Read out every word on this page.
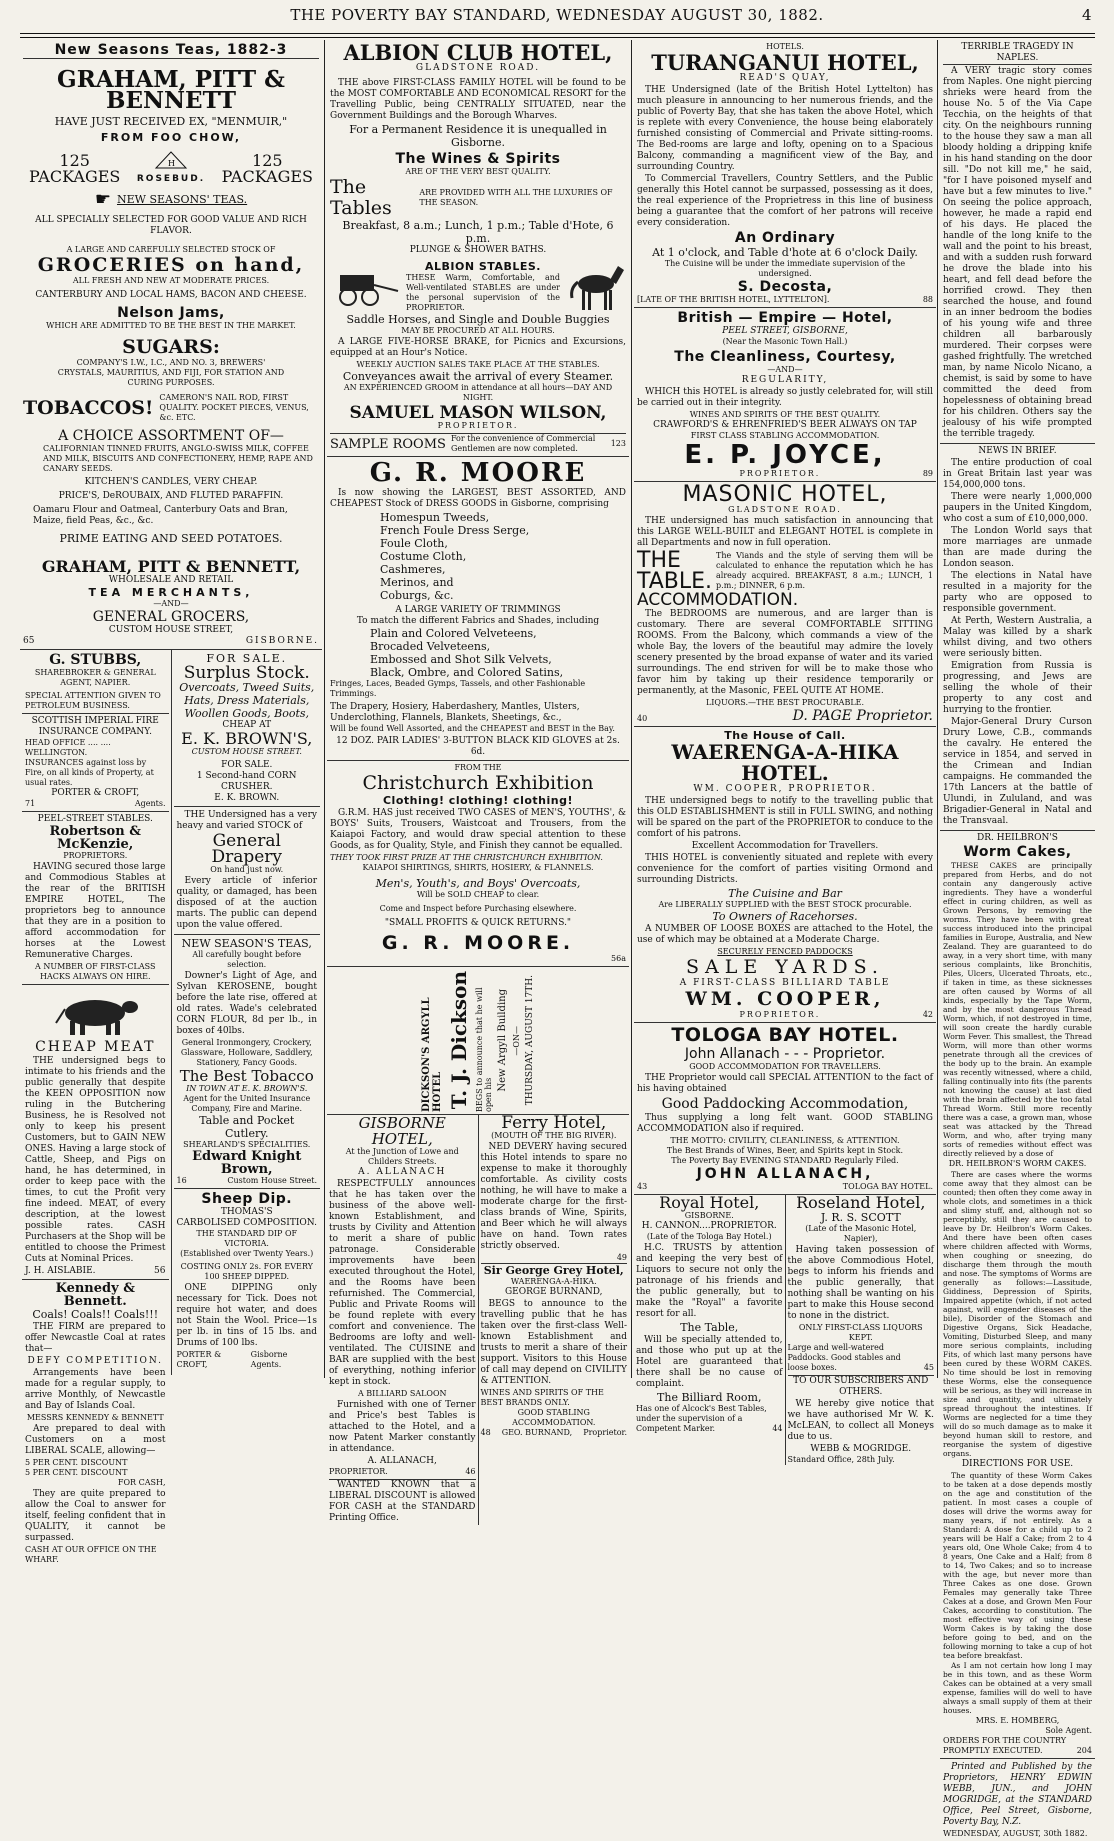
THE POVERTY BAY STANDARD, WEDNESDAY AUGUST 30, 1882.	4
New Seasons Teas, 1882-3
GRAHAM, PITT & BENNETT
HAVE JUST RECEIVED EX, "MENMUIR,"
FROM FOO CHOW,
125
PACKAGES
H
ROSEBUD.
125
PACKAGES
☛ NEW SEASONS' TEAS.
ALL SPECIALLY SELECTED FOR GOOD VALUE AND RICH FLAVOR.
A LARGE AND CAREFULLY SELECTED STOCK OF
GROCERIES on hand,
ALL FRESH AND NEW AT MODERATE PRICES.
CANTERBURY AND LOCAL HAMS, BACON AND CHEESE.
Nelson Jams,
WHICH ARE ADMITTED TO BE THE BEST IN THE MARKET.
SUGARS:
COMPANY'S I.W., I.C., AND NO. 3, BREWERS' CRYSTALS, MAURITIUS, AND FIJI, FOR STATION AND CURING PURPOSES.
TOBACCOS! CAMERON'S NAIL ROD, FIRST QUALITY. POCKET PIECES, VENUS, &c. ETC.
A CHOICE ASSORTMENT OF—
CALIFORNIAN TINNED FRUITS, ANGLO-SWISS MILK, COFFEE AND MILK, BISCUITS AND CONFECTIONERY, HEMP, RAPE AND CANARY SEEDS.
KITCHEN'S CANDLES, VERY CHEAP.
PRICE'S, DeROUBAIX, AND FLUTED PARAFFIN.
Oamaru Flour and Oatmeal, Canterbury Oats and Bran, Maize, field Peas, &c., &c.
PRIME EATING AND SEED POTATOES.
GRAHAM, PITT & BENNETT,
WHOLESALE AND RETAIL
TEA MERCHANTS,
—AND—
GENERAL GROCERS,
CUSTOM HOUSE STREET,
65	GISBORNE.
G. STUBBS,
SHAREBROKER & GENERAL AGENT, NAPIER.
SPECIAL ATTENTION GIVEN TO PETROLEUM BUSINESS.
SCOTTISH IMPERIAL FIRE INSURANCE COMPANY.
HEAD OFFICE .... .... WELLINGTON.
INSURANCES against loss by Fire, on all kinds of Property, at usual rates.
PORTER & CROFT,
71	Agents.
PEEL-STREET STABLES.
Robertson & McKenzie,
PROPRIETORS.
HAVING secured those large and Commodious Stables at the rear of the BRITISH EMPIRE HOTEL, The proprietors beg to announce that they are in a position to afford accommodation for horses at the Lowest Remunerative Charges.
A NUMBER OF FIRST-CLASS HACKS ALWAYS ON HIRE.
CHEAP MEAT
THE undersigned begs to intimate to his friends and the public generally that despite the KEEN OPPOSITION now ruling in the Butchering Business, he is Resolved not only to keep his present Customers, but to GAIN NEW ONES. Having a large stock of Cattle, Sheep, and Pigs on hand, he has determined, in order to keep pace with the times, to cut the Profit very fine indeed. MEAT, of every description, at the lowest possible rates. CASH Purchasers at the Shop will be entitled to choose the Primest Cuts at Nominal Prices.
J. H. AISLABIE.	56
Kennedy & Bennett.
Coals! Coals!! Coals!!!
THE FIRM are prepared to offer Newcastle Coal at rates that—
DEFY COMPETITION.
Arrangements have been made for a regular supply, to arrive Monthly, of Newcastle and Bay of Islands Coal.
MESSRS KENNEDY & BENNETT
Are prepared to deal with Customers on a most LIBERAL SCALE, allowing—
5 PER CENT. DISCOUNT
5 PER CENT. DISCOUNT
FOR CASH,
They are quite prepared to allow the Coal to answer for itself, feeling confident that in QUALITY, it cannot be surpassed.
CASH AT OUR OFFICE ON THE WHARF.
FOR SALE.
Surplus Stock.
Overcoats, Tweed Suits, Hats, Dress Materials, Woollen Goods, Boots,
CHEAP AT
E. K. BROWN'S,
CUSTOM HOUSE STREET.
FOR SALE.
1 Second-hand CORN CRUSHER.
E. K. BROWN.
THE Undersigned has a very heavy and varied STOCK of
General Drapery
On hand just now.
Every article of inferior quality, or damaged, has been disposed of at the auction marts. The public can depend upon the value offered.
NEW SEASON'S TEAS,
All carefully bought before selection.
Downer's Light of Age, and Sylvan KEROSENE, bought before the late rise, offered at old rates. Wade's celebrated CORN FLOUR, 8d per lb., in boxes of 40lbs.
General Ironmongery, Crockery, Glassware, Holloware, Saddlery, Stationery, Fancy Goods.
The Best Tobacco
IN TOWN AT E. K. BROWN'S.
Agent for the United Insurance Company, Fire and Marine.
Table and Pocket Cutlery.
SHEARLAND'S SPECIALITIES.
Edward Knight Brown,
16	Custom House Street.
Sheep Dip.
THOMAS'S
CARBOLISED COMPOSITION.
THE STANDARD DIP OF VICTORIA.
(Established over Twenty Years.)
COSTING ONLY 2s. FOR EVERY 100 SHEEP DIPPED.
ONE DIPPING only necessary for Tick. Does not require hot water, and does not Stain the Wool. Price—1s per lb. in tins of 15 lbs. and Drums of 100 lbs.
PORTER & CROFT,
Gisborne Agents.
ALBION CLUB HOTEL,
GLADSTONE ROAD.
THE above FIRST-CLASS FAMILY HOTEL will be found to be the MOST COMFORTABLE AND ECONOMICAL RESORT for the Travelling Public, being CENTRALLY SITUATED, near the Government Buildings and the Borough Wharves.
For a Permanent Residence it is unequalled in Gisborne.
The Wines & Spirits
ARE OF THE VERY BEST QUALITY.
The Tables
ARE PROVIDED WITH ALL THE LUXURIES OF THE SEASON.
Breakfast, 8 a.m.; Lunch, 1 p.m.; Table d'Hote, 6 p.m.
PLUNGE & SHOWER BATHS.
ALBION STABLES.
THESE Warm, Comfortable, and Well-ventilated STABLES are under the personal supervision of the PROPRIETOR.
Saddle Horses, and Single and Double Buggies
MAY BE PROCURED AT ALL HOURS.
A LARGE FIVE-HORSE BRAKE, for Picnics and Excursions, equipped at an Hour's Notice.
WEEKLY AUCTION SALES TAKE PLACE AT THE STABLES.
Conveyances await the arrival of every Steamer.
AN EXPERIENCED GROOM in attendance at all hours—DAY AND NIGHT.
SAMUEL MASON WILSON,
PROPRIETOR.
SAMPLE ROOMS For the convenience of Commercial Gentlemen are now completed.
123
G. R. MOORE
Is now showing the LARGEST, BEST ASSORTED, AND CHEAPEST Stock of DRESS GOODS in Gisborne, comprising
Homespun Tweeds,
French Foule Dress Serge,
Foule Cloth,
Costume Cloth,
Cashmeres,
Merinos, and
Coburgs, &c.
A LARGE VARIETY OF TRIMMINGS
To match the different Fabrics and Shades, including
Plain and Colored Velveteens,
Brocaded Velveteens,
Embossed and Shot Silk Velvets,
Black, Ombre, and Colored Satins,
Fringes, Laces, Beaded Gymps, Tassels, and other Fashionable Trimmings.
The Drapery, Hosiery, Haberdashery, Mantles, Ulsters, Underclothing, Flannels, Blankets, Sheetings, &c.,
Will be found Well Assorted, and the CHEAPEST and BEST in the Bay.
12 DOZ. PAIR LADIES' 3-BUTTON BLACK KID GLOVES at 2s. 6d.
FROM THE
Christchurch Exhibition
Clothing! clothing! clothing!
G.R.M. HAS just received TWO CASES of MEN'S, YOUTHS', & BOYS' Suits, Trousers, Waistcoat and Trousers, from the Kaiapoi Factory, and would draw special attention to these Goods, as for Quality, Style, and Finish they cannot be equalled.
THEY TOOK FIRST PRIZE AT THE CHRISTCHURCH EXHIBITION.
KAIAPOI SHIRTINGS, SHIRTS, HOSIERY, & FLANNELS.
Men's, Youth's, and Boys' Overcoats,
Will be SOLD CHEAP to clear.
Come and Inspect before Purchasing elsewhere.
"SMALL PROFITS & QUICK RETURNS."
G. R. MOORE.
56a
DICKSON'S ARGYLL HOTEL T. J. Dickson BEGS to announce that he will open his
New Argyll Building —ON— THURSDAY, AUGUST 17TH.
GISBORNE HOTEL,
At the Junction of Lowe and Childers Streets.
A. ALLANACH
RESPECTFULLY announces that he has taken over the business of the above well-known Establishment, and trusts by Civility and Attention to merit a share of public patronage. Considerable improvements have been executed throughout the Hotel, and the Rooms have been refurnished. The Commercial, Public and Private Rooms will be found replete with every comfort and convenience. The Bedrooms are lofty and well-ventilated. The CUISINE and BAR are supplied with the best of everything, nothing inferior kept in stock.
A BILLIARD SALOON
Furnished with one of Terner and Price's best Tables is attached to the Hotel, and a now Patent Marker constantly in attendance.
A. ALLANACH,
PROPRIETOR.	46
WANTED KNOWN that a LIBERAL DISCOUNT is allowed FOR CASH at the STANDARD Printing Office.
Ferry Hotel,
(MOUTH OF THE BIG RIVER).
NED DEVERY having secured this Hotel intends to spare no expense to make it thoroughly comfortable. As civility costs nothing, he will have to make a moderate charge for the first-class brands of Wine, Spirits, and Beer which he will always have on hand. Town rates strictly observed.
49
Sir George Grey Hotel,
WAERENGA-A-HIKA.
GEORGE BURNAND,
BEGS to announce to the travelling public that he has taken over the first-class Well-known Establishment and trusts to merit a share of their support. Visitors to this House of call may depend on CIVILITY & ATTENTION.
WINES AND SPIRITS OF THE BEST BRANDS ONLY.
GOOD STABLING ACCOMMODATION.
48 GEO. BURNAND, Proprietor.
HOTELS.
TURANGANUI HOTEL,
READ'S QUAY,
THE Undersigned (late of the British Hotel Lyttelton) has much pleasure in announcing to her numerous friends, and the public of Poverty Bay, that she has taken the above Hotel, which is replete with every Convenience, the house being elaborately furnished consisting of Commercial and Private sitting-rooms. The Bed-rooms are large and lofty, opening on to a Spacious Balcony, commanding a magnificent view of the Bay, and surrounding Country.
To Commercial Travellers, Country Settlers, and the Public generally this Hotel cannot be surpassed, possessing as it does, the real experience of the Proprietress in this line of business being a guarantee that the comfort of her patrons will receive every consideration.
An Ordinary
At 1 o'clock, and Table d'hote at 6 o'clock Daily.
The Cuisine will be under the immediate supervision of the undersigned.
S. Decosta,
[LATE OF THE BRITISH HOTEL, LYTTELTON].	88
British — Empire — Hotel,
PEEL STREET, GISBORNE,
(Near the Masonic Town Hall.)
The Cleanliness, Courtesy,
—AND—
REGULARITY,
WHICH this HOTEL is already so justly celebrated for, will still be carried out in their integrity.
WINES AND SPIRITS OF THE BEST QUALITY.
CRAWFORD'S & EHRENFRIED'S BEER ALWAYS ON TAP
FIRST CLASS STABLING ACCOMMODATION.
E. P. JOYCE,
PROPRIETOR.	89
MASONIC HOTEL,
GLADSTONE ROAD.
THE undersigned has much satisfaction in announcing that this LARGE WELL-BUILT and ELEGANT HOTEL is complete in all Departments and now in full operation.
THE TABLE.
The Viands and the style of serving them will be calculated to enhance the reputation which he has already acquired. BREAKFAST, 8 a.m.; LUNCH, 1 p.m.; DINNER, 6 p.m.
ACCOMMODATION.
The BEDROOMS are numerous, and are larger than is customary. There are several COMFORTABLE SITTING ROOMS. From the Balcony, which commands a view of the whole Bay, the lovers of the beautiful may admire the lovely scenery presented by the broad expanse of water and its varied surroundings. The end striven for will be to make those who favor him by taking up their residence temporarily or permanently, at the Masonic, FEEL QUITE AT HOME.
LIQUORS.—THE BEST PROCURABLE.
40	D. PAGE Proprietor.
The House of Call.
WAERENGA-A-HIKA HOTEL.
WM. COOPER, PROPRIETOR.
THE undersigned begs to notify to the travelling public that this OLD ESTABLISHMENT is still in FULL SWING, and nothing will be spared on the part of the PROPRIETOR to conduce to the comfort of his patrons.
Excellent Accommodation for Travellers.
THIS HOTEL is conveniently situated and replete with every convenience for the comfort of parties visiting Ormond and surrounding Districts.
The Cuisine and Bar
Are LIBERALLY SUPPLIED with the BEST STOCK procurable.
To Owners of Racehorses.
A NUMBER OF LOOSE BOXES are attached to the Hotel, the use of which may be obtained at a Moderate Charge.
SECURELY FENCED PADDOCKS
SALE YARDS.
A FIRST-CLASS BILLIARD TABLE
WM. COOPER,
PROPRIETOR.	42
TOLOGA BAY HOTEL.
John Allanach - - - Proprietor.
GOOD ACCOMMODATION FOR TRAVELLERS.
THE Proprietor would call SPECIAL ATTENTION to the fact of his having obtained
Good Paddocking Accommodation,
Thus supplying a long felt want. GOOD STABLING ACCOMMODATION also if required.
THE MOTTO: CIVILITY, CLEANLINESS, & ATTENTION.
The Best Brands of Wines, Beer, and Spirits kept in Stock.
The Poverty Bay EVENING STANDARD Regularly Filed.
JOHN ALLANACH,
43	TOLOGA BAY HOTEL.
Royal Hotel,
GISBORNE.
H. CANNON....PROPRIETOR.
(Late of the Tologa Bay Hotel.)
H.C. TRUSTS by attention and keeping the very best of Liquors to secure not only the patronage of his friends and the public generally, but to make the "Royal" a favorite resort for all.
The Table,
Will be specially attended to, and those who put up at the Hotel are guaranteed that there shall be no cause of complaint.
The Billiard Room,
Has one of Alcock's Best Tables, under the supervision of a Competent Marker.	44
Roseland Hotel,
J. R. S. SCOTT
(Late of the Masonic Hotel, Napier),
Having taken possession of the above Commodious Hotel, begs to inform his friends and the public generally, that nothing shall be wanting on his part to make this House second to none in the district.
ONLY FIRST-CLASS LIQUORS KEPT.
Large and well-watered Paddocks. Good stables and loose boxes.	45
TO OUR SUBSCRIBERS AND OTHERS.
WE hereby give notice that we have authorised Mr W. K. McLEAN, to collect all Moneys due to us.
WEBB & MOGRIDGE.
Standard Office, 28th July.
TERRIBLE TRAGEDY IN NAPLES.
A VERY tragic story comes from Naples. One night piercing shrieks were heard from the house No. 5 of the Via Cape Tecchia, on the heights of that city. On the neighbours running to the house they saw a man all bloody holding a dripping knife in his hand standing on the door sill. "Do not kill me," he said, "for I have poisoned myself and have but a few minutes to live." On seeing the police approach, however, he made a rapid end of his days. He placed the handle of the long knife to the wall and the point to his breast, and with a sudden rush forward he drove the blade into his heart, and fell dead before the horrified crowd. They then searched the house, and found in an inner bedroom the bodies of his young wife and three children all barbarously murdered. Their corpses were gashed frightfully. The wretched man, by name Nicolo Nicano, a chemist, is said by some to have committed the deed from hopelessness of obtaining bread for his children. Others say the jealousy of his wife prompted the terrible tragedy.
NEWS IN BRIEF.
The entire production of coal in Great Britain last year was 154,000,000 tons.
There were nearly 1,000,000 paupers in the United Kingdom, who cost a sum of £10,000,000.
The London World says that more marriages are unmade than are made during the London season.
The elections in Natal have resulted in a majority for the party who are opposed to responsible government.
At Perth, Western Australia, a Malay was killed by a shark whilst diving, and two others were seriously bitten.
Emigration from Russia is progressing, and Jews are selling the whole of their property to any cost and hurrying to the frontier.
Major-General Drury Curson Drury Lowe, C.B., commands the cavalry. He entered the service in 1854, and served in the Crimean and Indian campaigns. He commanded the 17th Lancers at the battle of Ulundi, in Zululand, and was Brigadier-General in Natal and the Transvaal.
DR. HEILBRON'S
Worm Cakes,
THESE CAKES are principally prepared from Herbs, and do not contain any dangerously active ingredients. They have a wonderful effect in curing children, as well as Grown Persons, by removing the worms. They have been with great success introduced into the principal families in Europe, Australia, and New Zealand. They are guaranteed to do away, in a very short time, with many serious complaints, like Bronchitis, Piles, Ulcers, Ulcerated Throats, etc., if taken in time, as these sicknesses are often caused by Worms of all kinds, especially by the Tape Worm, and by the most dangerous Thread Worm, which, if not destroyed in time, will soon create the hardly curable Worm Fever. This smallest, the Thread Worm, will more than other worms penetrate through all the crevices of the body up to the brain. An example was recently witnessed, where a child, falling continually into fits (the parents not knowing the cause) at last died with the brain affected by the too fatal Thread Worm. Still more recently there was a case, a grown man, whose seat was attacked by the Thread Worm, and who, after trying many sorts of remedies without effect was directly relieved by a dose of
DR. HEILBRON'S WORM CAKES.
There are cases where the worms come away that they almost can be counted; then often they come away in whole clots, and sometimes in a thick and slimy stuff, and, although not so perceptibly, still they are caused to leave by Dr. Heilbron's Worm Cakes. And there have been often cases where children affected with Worms, when coughing or sneezing, do discharge them through the mouth and nose. The symptoms of Worms are generally as follows:—Lassitude, Giddiness, Depression of Spirits, Impaired appetite (which, if not acted against, will engender diseases of the bile), Disorder of the Stomach and Digestive Organs, Sick Headache, Vomiting, Disturbed Sleep, and many more serious complaints, including Fits, of which last many persons have been cured by these WORM CAKES. No time should be lost in removing these Worms, else the consequence will be serious, as they will increase in size and quantity, and ultimately spread throughout the intestines. If Worms are neglected for a time they will do so much damage as to make it beyond human skill to restore, and reorganise the system of digestive organs.
DIRECTIONS FOR USE.
The quantity of these Worm Cakes to be taken at a dose depends mostly on the age and constitution of the patient. In most cases a couple of doses will drive the worms away for many years, if not entirely. As a Standard: A dose for a child up to 2 years will be Half a Cake; from 2 to 4 years old, One Whole Cake; from 4 to 8 years, One Cake and a Half; from 8 to 14, Two Cakes; and so to increase with the age, but never more than Three Cakes as one dose. Grown Females may generally take Three Cakes at a dose, and Grown Men Four Cakes, according to constitution. The most effective way of using these Worm Cakes is by taking the dose before going to bed, and on the following morning to take a cup of hot tea before breakfast.
As I am not certain how long I may be in this town, and as these Worm Cakes can be obtained at a very small expense, families will do well to have always a small supply of them at their houses.
MRS. E. HOMBERG,
Sole Agent.
ORDERS FOR THE COUNTRY PROMPTLY EXECUTED.	204
Printed and Published by the Proprietors, HENRY EDWIN WEBB, JUN., and JOHN MOGRIDGE, at the STANDARD Office, Peel Street, Gisborne, Poverty Bay, N.Z.
WEDNESDAY, AUGUST, 30th 1882.
